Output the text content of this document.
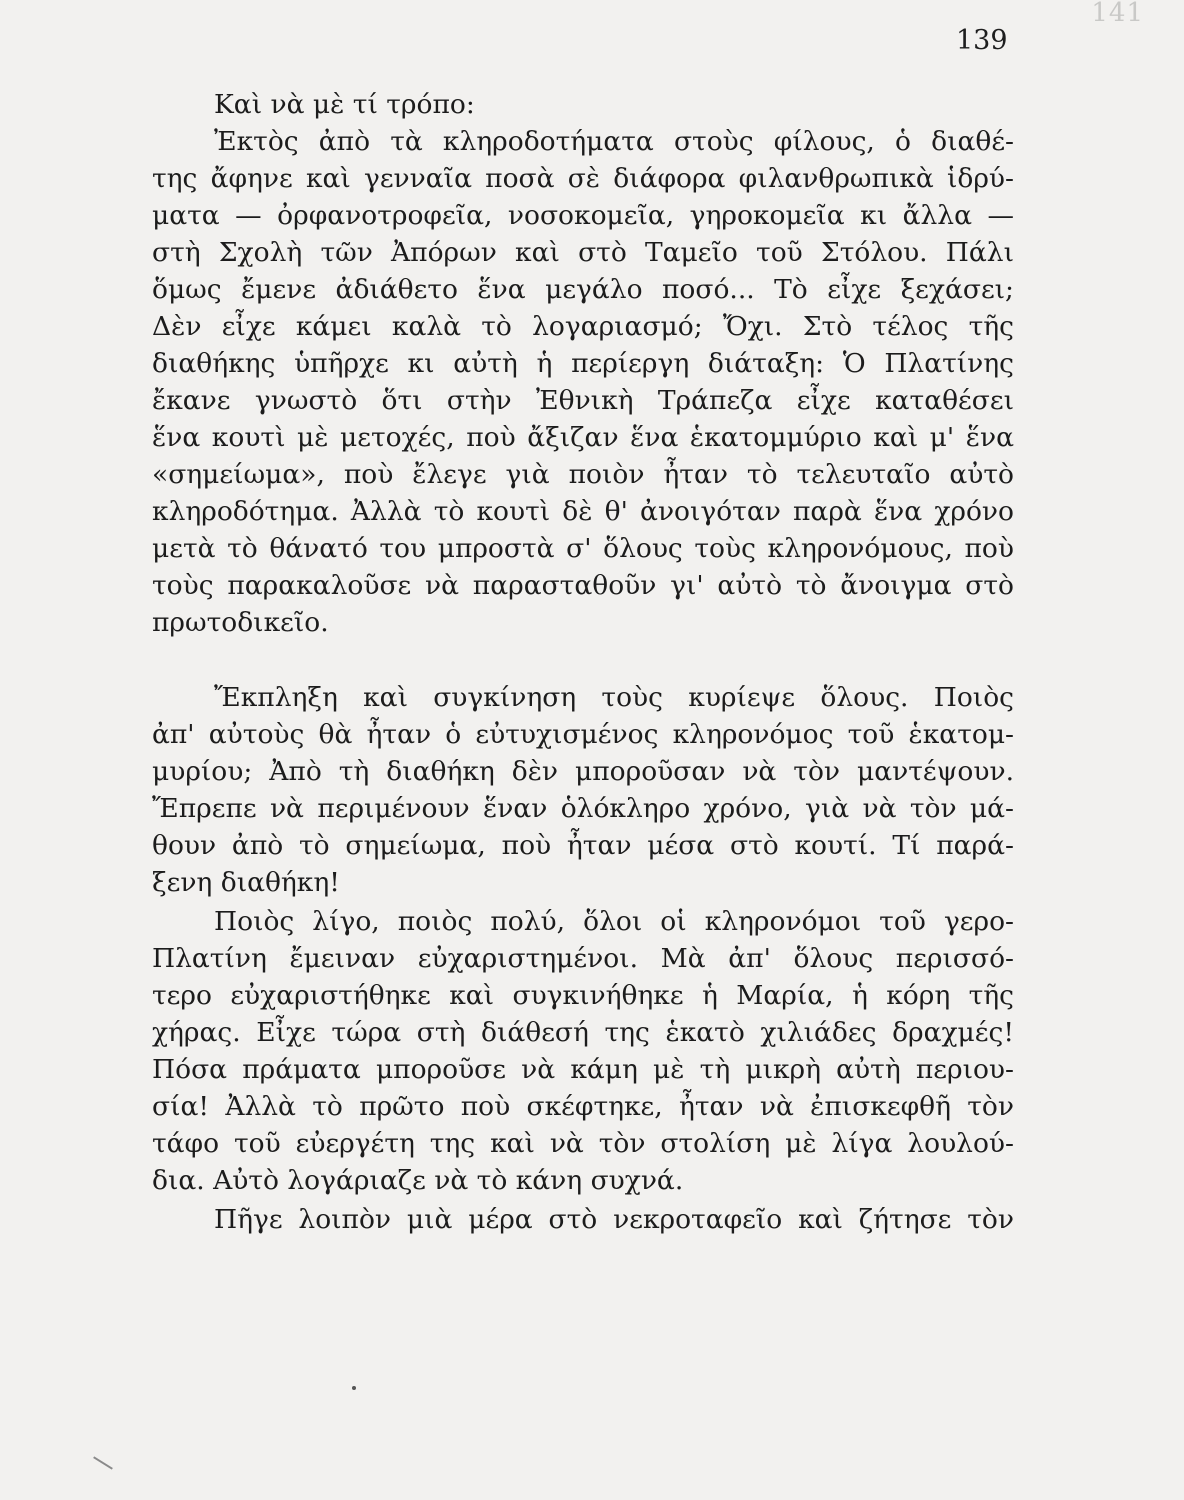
141
139
Καὶ νὰ μὲ τί τρόπο:
Ἐκτὸς ἀπὸ τὰ κληροδοτήματα στοὺς φίλους, ὁ διαθέ-
της ἄφηνε καὶ γενναῖα ποσὰ σὲ διάφορα φιλανθρωπικὰ ἱδρύ-
ματα — ὀρφανοτροφεῖα, νοσοκομεῖα, γηροκομεῖα κι ἄλλα —
στὴ Σχολὴ τῶν Ἀπόρων καὶ στὸ Ταμεῖο τοῦ Στόλου. Πάλι
ὅμως ἔμενε ἀδιάθετο ἕνα μεγάλο ποσό... Τὸ εἶχε ξεχάσει;
Δὲν εἶχε κάμει καλὰ τὸ λογαριασμό; Ὄχι. Στὸ τέλος τῆς
διαθήκης ὑπῆρχε κι αὐτὴ ἡ περίεργη διάταξη: Ὁ Πλατίνης
ἔκανε γνωστὸ ὅτι στὴν Ἐθνικὴ Τράπεζα εἶχε καταθέσει
ἕνα κουτὶ μὲ μετοχές, ποὺ ἄξιζαν ἕνα ἑκατομμύριο καὶ μ' ἕνα
«σημείωμα», ποὺ ἔλεγε γιὰ ποιὸν ἦταν τὸ τελευταῖο αὐτὸ
κληροδότημα. Ἀλλὰ τὸ κουτὶ δὲ θ' ἀνοιγόταν παρὰ ἕνα χρόνο
μετὰ τὸ θάνατό του μπροστὰ σ' ὅλους τοὺς κληρονόμους, ποὺ
τοὺς παρακαλοῦσε νὰ παρασταθοῦν γι' αὐτὸ τὸ ἄνοιγμα στὸ
πρωτοδικεῖο.
Ἔκπληξη καὶ συγκίνηση τοὺς κυρίεψε ὅλους. Ποιὸς
ἀπ' αὐτοὺς θὰ ἦταν ὁ εὐτυχισμένος κληρονόμος τοῦ ἑκατομ-
μυρίου; Ἀπὸ τὴ διαθήκη δὲν μποροῦσαν νὰ τὸν μαντέψουν.
Ἔπρεπε νὰ περιμένουν ἕναν ὁλόκληρο χρόνο, γιὰ νὰ τὸν μά-
θουν ἀπὸ τὸ σημείωμα, ποὺ ἦταν μέσα στὸ κουτί. Τί παρά-
ξενη διαθήκη!
Ποιὸς λίγο, ποιὸς πολύ, ὅλοι οἱ κληρονόμοι τοῦ γερο-
Πλατίνη ἔμειναν εὐχαριστημένοι. Μὰ ἀπ' ὅλους περισσό-
τερο εὐχαριστήθηκε καὶ συγκινήθηκε ἡ Μαρία, ἡ κόρη τῆς
χήρας. Εἶχε τώρα στὴ διάθεσή της ἑκατὸ χιλιάδες δραχμές!
Πόσα πράματα μποροῦσε νὰ κάμη μὲ τὴ μικρὴ αὐτὴ περιου-
σία! Ἀλλὰ τὸ πρῶτο ποὺ σκέφτηκε, ἦταν νὰ ἐπισκεφθῆ τὸν
τάφο τοῦ εὐεργέτη της καὶ νὰ τὸν στολίση μὲ λίγα λουλού-
δια. Αὐτὸ λογάριαζε νὰ τὸ κάνη συχνά.
Πῆγε λοιπὸν μιὰ μέρα στὸ νεκροταφεῖο καὶ ζήτησε τὸν
